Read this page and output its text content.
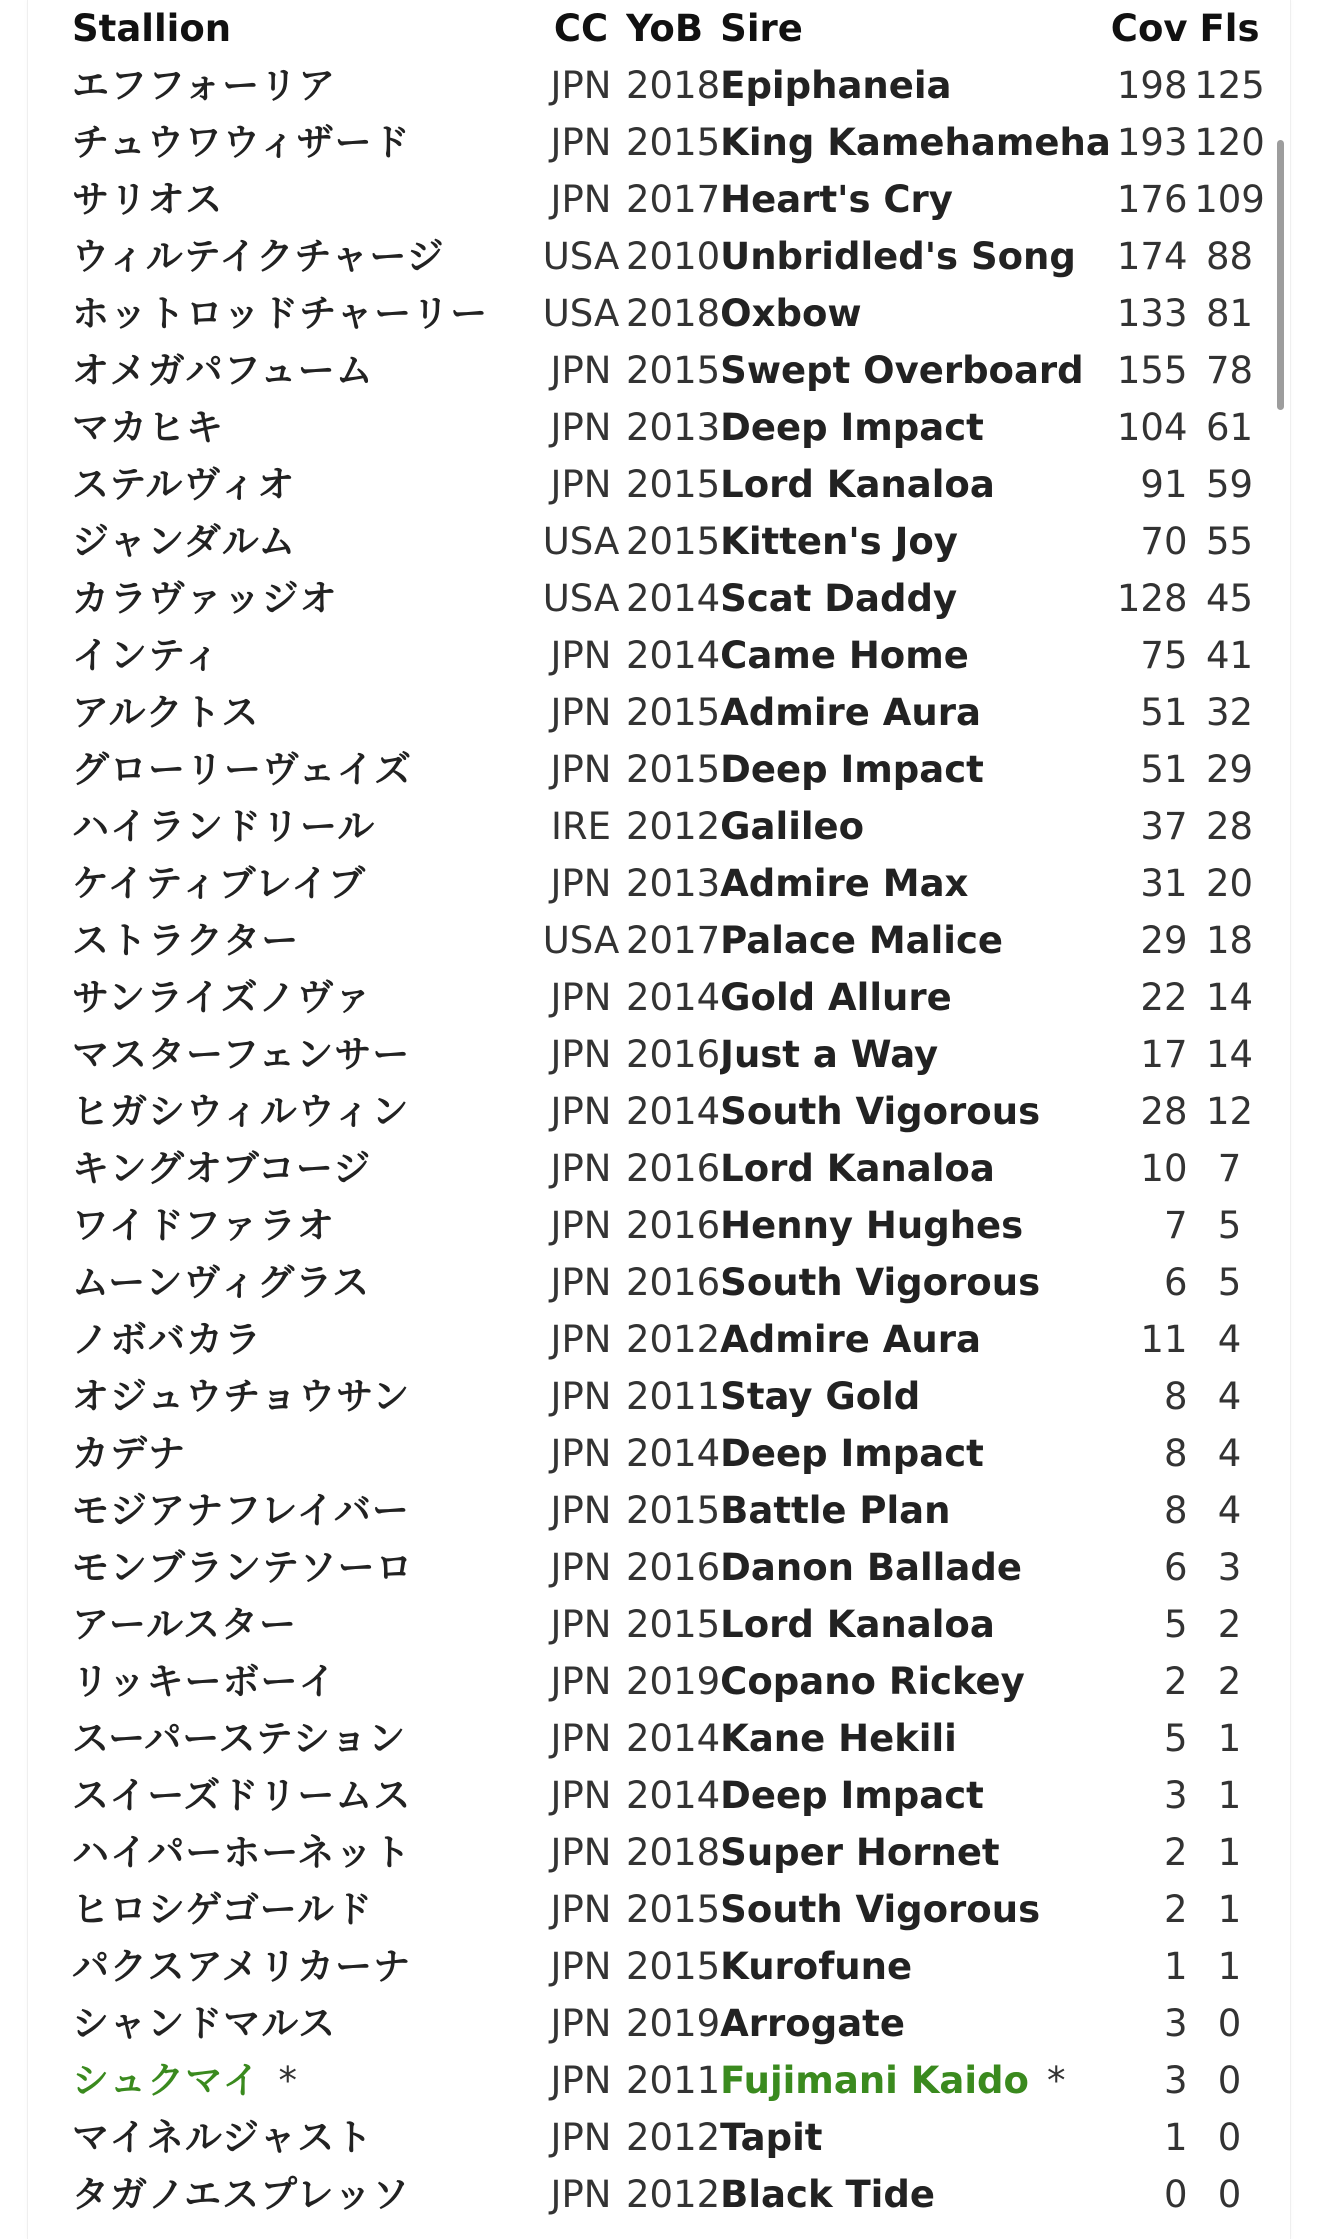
Stallion	CC	YoB	Sire	Cov	Fls
エフフォーリア	JPN	2018	Epiphaneia	198	125
チュウワウィザード	JPN	2015	King Kamehameha	193	120
サリオス	JPN	2017	Heart's Cry	176	109
ウィルテイクチャージ	USA	2010	Unbridled's Song	174	88
ホットロッドチャーリー	USA	2018	Oxbow	133	81
オメガパフューム	JPN	2015	Swept Overboard	155	78
マカヒキ	JPN	2013	Deep Impact	104	61
ステルヴィオ	JPN	2015	Lord Kanaloa	91	59
ジャンダルム	USA	2015	Kitten's Joy	70	55
カラヴァッジオ	USA	2014	Scat Daddy	128	45
インティ	JPN	2014	Came Home	75	41
アルクトス	JPN	2015	Admire Aura	51	32
グローリーヴェイズ	JPN	2015	Deep Impact	51	29
ハイランドリール	IRE	2012	Galileo	37	28
ケイティブレイブ	JPN	2013	Admire Max	31	20
ストラクター	USA	2017	Palace Malice	29	18
サンライズノヴァ	JPN	2014	Gold Allure	22	14
マスターフェンサー	JPN	2016	Just a Way	17	14
ヒガシウィルウィン	JPN	2014	South Vigorous	28	12
キングオブコージ	JPN	2016	Lord Kanaloa	10	7
ワイドファラオ	JPN	2016	Henny Hughes	7	5
ムーンヴィグラス	JPN	2016	South Vigorous	6	5
ノボバカラ	JPN	2012	Admire Aura	11	4
オジュウチョウサン	JPN	2011	Stay Gold	8	4
カデナ	JPN	2014	Deep Impact	8	4
モジアナフレイバー	JPN	2015	Battle Plan	8	4
モンブランテソーロ	JPN	2016	Danon Ballade	6	3
アールスター	JPN	2015	Lord Kanaloa	5	2
リッキーボーイ	JPN	2019	Copano Rickey	2	2
スーパーステション	JPN	2014	Kane Hekili	5	1
スイーズドリームス	JPN	2014	Deep Impact	3	1
ハイパーホーネット	JPN	2018	Super Hornet	2	1
ヒロシゲゴールド	JPN	2015	South Vigorous	2	1
パクスアメリカーナ	JPN	2015	Kurofune	1	1
シャンドマルス	JPN	2019	Arrogate	3	0
シュクマイ *	JPN	2011	Fujimani Kaido *	3	0
マイネルジャスト	JPN	2012	Tapit	1	0
タガノエスプレッソ	JPN	2012	Black Tide	0	0
